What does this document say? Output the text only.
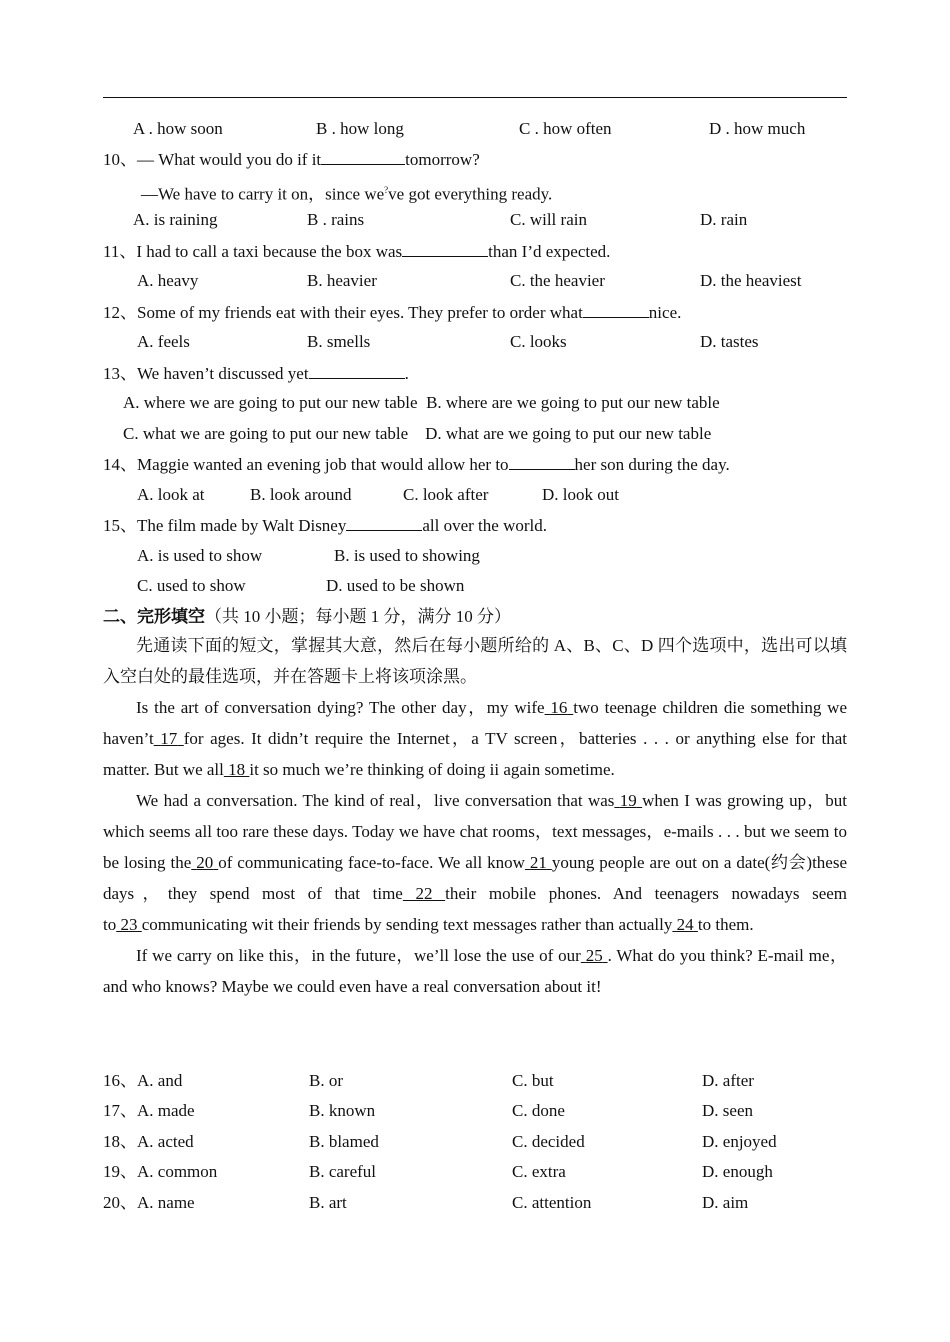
A . how soon	B . how long	C . how often	D . how much
10、— What would you do if it	tomorrow?
—We have to carry it on，since we?ve got everything ready.
A. is raining	B . rains	C. will rain	D. rain
11、I had to call a taxi because the box was	than I’d expected.
A. heavy	B. heavier	C. the heavier	D. the heaviest
12、Some of my friends eat with their eyes. They prefer to order what	nice.
A. feels	B. smells	C. looks	D. tastes
13、We haven’t discussed yet	.
A. where we are going to put our new table  B. where are we going to put our new table
C. what we are going to put our new table    D. what are we going to put our new table
14、Maggie wanted an evening job that would allow her to	her son during the day.
A. look at	B. look around	C. look after	D. look out
15、The film made by Walt Disney	all over the world.
A. is used to show	B. is used to showing
C. used to show	D. used to be shown
二、完形填空（共 10 小题；每小题 1 分，满分 10 分）

先通读下面的短文，掌握其大意，然后在每小题所给的 A、B、C、D 四个选项中，选出可以填入空白处的最佳选项，并在答题卡上将该项涂黑。

Is the art of conversation dying? The other day，my wife 16 two teenage children die something we haven’t 17 for ages. It didn’t require the Internet，a TV screen，batteries . . . or anything else for that matter. But we all 18 it so much we’re thinking of doing ii again sometime.

We had a conversation. The kind of real，live conversation that was 19 when I was growing up，but which seems all too rare these days. Today we have chat rooms，text messages，e-mails . . . but we seem to be losing the 20 of communicating face-to-face. We all know 21 young people are out on a date(约会)these days，they spend most of that time 22 their mobile phones. And teenagers nowadays seem to 23 communicating wit their friends by sending text messages rather than actually 24 to them.

If we carry on like this，in the future，we’ll lose the use of our 25 . What do you think? E-mail me，and who knows? Maybe we could even have a real conversation about it!

16、A. and	B. or	C. but	D. after
17、A. made	B. known	C. done	D. seen
18、A. acted	B. blamed	C. decided	D. enjoyed
19、A. common	B. careful	C. extra	D. enough
20、A. name	B. art	C. attention	D. aim
